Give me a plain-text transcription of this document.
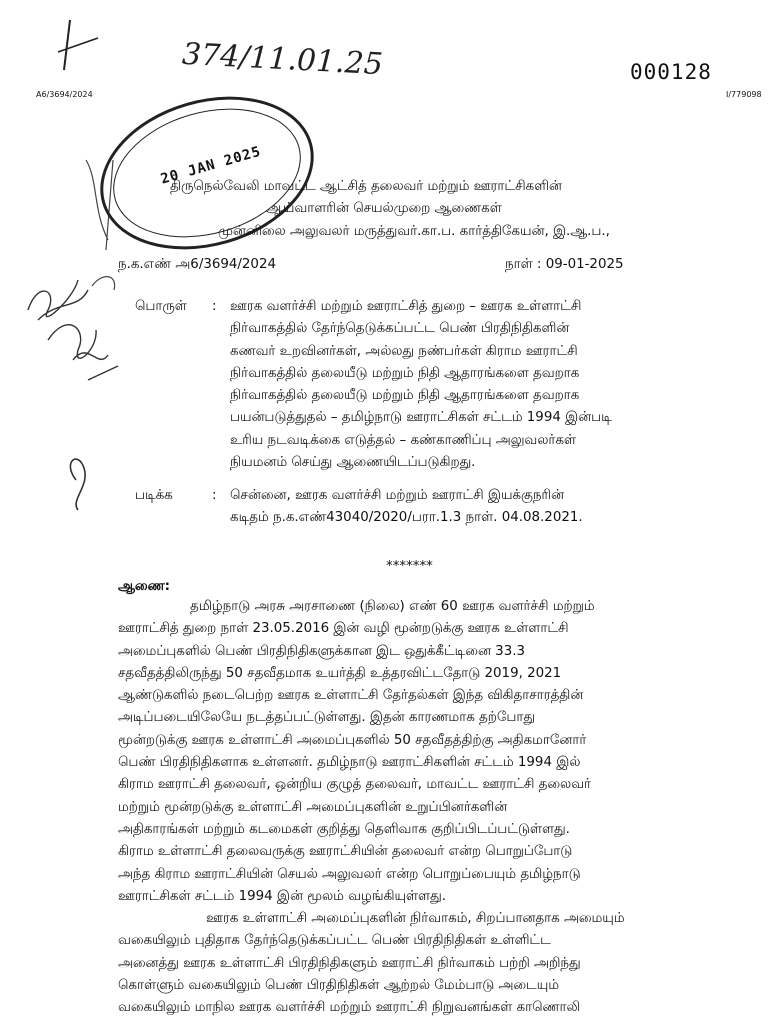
A6/3694/2024	I/779098
000128
374/11.01.25
20 JAN 2025
திருநெல்வேலி மாவட்ட ஆட்சித் தலைவர் மற்றும் ஊராட்சிகளின்
ஆய்வாளரின் செயல்முறை ஆணைகள்
முன்னிலை அலுவலர் மருத்துவர்.கா.ப. கார்த்திகேயன், இ.ஆ.ப.,
ந.க.எண் அ6/3694/2024	நாள் : 09-01-2025
பொருள் : ஊரக வளர்ச்சி மற்றும் ஊராட்சித் துறை – ஊரக உள்ளாட்சி
நிர்வாகத்தில் தேர்ந்தெடுக்கப்பட்ட பெண் பிரதிநிதிகளின்
கணவர் உறவினர்கள், அல்லது நண்பர்கள் கிராம ஊராட்சி
நிர்வாகத்தில் தலையீடு மற்றும் நிதி ஆதாரங்களை தவறாக
நிர்வாகத்தில் தலையீடு மற்றும் நிதி ஆதாரங்களை தவறாக
பயன்படுத்துதல் – தமிழ்நாடு ஊராட்சிகள் சட்டம் 1994 இன்படி
உரிய நடவடிக்கை எடுத்தல் – கண்காணிப்பு அலுவலர்கள்
நியமனம் செய்து ஆணையிடப்படுகிறது.
படிக்க	: சென்னை, ஊரக வளர்ச்சி மற்றும் ஊராட்சி இயக்குநரின்
கடிதம் ந.க.எண்43040/2020/பரா.1.3 நாள். 04.08.2021.
*******
ஆணை:
தமிழ்நாடு அரசு அரசாணை (நிலை) எண் 60 ஊரக வளர்ச்சி மற்றும்
ஊராட்சித் துறை நாள் 23.05.2016 இன் வழி மூன்றடுக்கு ஊரக உள்ளாட்சி
அமைப்புகளில் பெண் பிரதிநிதிகளுக்கான இட ஒதுக்கீட்டினை 33.3
சதவீதத்திலிருந்து 50 சதவீதமாக உயர்த்தி உத்தரவிட்டதோடு 2019, 2021
ஆண்டுகளில் நடைபெற்ற ஊரக உள்ளாட்சி தேர்தல்கள் இந்த விகிதாசாரத்தின்
அடிப்படையிலேயே நடத்தப்பட்டுள்ளது. இதன் காரணமாக தற்போது
மூன்றடுக்கு ஊரக உள்ளாட்சி அமைப்புகளில் 50 சதவீதத்திற்கு அதிகமானோர்
பெண் பிரதிநிதிகளாக உள்ளனர். தமிழ்நாடு ஊராட்சிகளின் சட்டம் 1994 இல்
கிராம ஊராட்சி தலைவர், ஒன்றிய குழுத் தலைவர், மாவட்ட ஊராட்சி தலைவர்
மற்றும் மூன்றடுக்கு உள்ளாட்சி அமைப்புகளின் உறுப்பினர்களின்
அதிகாரங்கள் மற்றும் கடமைகள் குறித்து தெளிவாக குறிப்பிடப்பட்டுள்ளது.
கிராம உள்ளாட்சி தலைவருக்கு ஊராட்சியின் தலைவர் என்ற பொறுப்போடு
அந்த கிராம ஊராட்சியின் செயல் அலுவலர் என்ற பொறுப்பையும் தமிழ்நாடு
ஊராட்சிகள் சட்டம் 1994 இன் மூலம் வழங்கியுள்ளது.
ஊரக உள்ளாட்சி அமைப்புகளின் நிர்வாகம், சிறப்பானதாக அமையும்
வகையிலும் புதிதாக தேர்ந்தெடுக்கப்பட்ட பெண் பிரதிநிதிகள் உள்ளிட்ட
அனைத்து ஊரக உள்ளாட்சி பிரதிநிதிகளும் ஊராட்சி நிர்வாகம் பற்றி அறிந்து
கொள்ளும் வகையிலும் பெண் பிரதிநிதிகள் ஆற்றல் மேம்பாடு அடையும்
வகையிலும் மாநில ஊரக வளர்ச்சி மற்றும் ஊராட்சி நிறுவனங்கள் காணொலி
